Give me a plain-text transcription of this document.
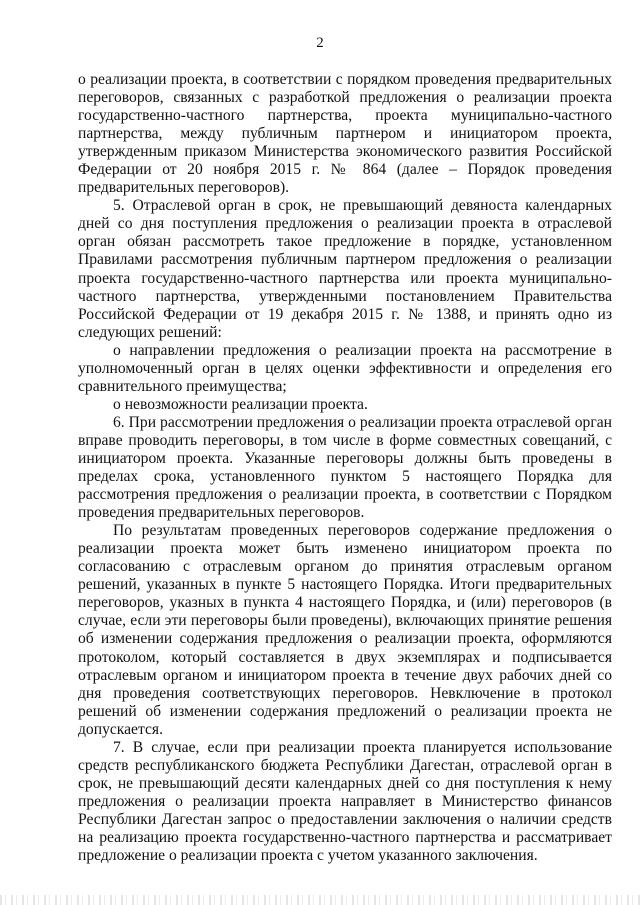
2

о реализации проекта, в соответствии с порядком проведения предварительных переговоров, связанных с разработкой предложения о реализации проекта государственно-частного партнерства, проекта муниципально-частного партнерства, между публичным партнером и инициатором проекта, утвержденным приказом Министерства экономического развития Российской Федерации от 20 ноября 2015 г. № 864 (далее – Порядок проведения предварительных переговоров).

5. Отраслевой орган в срок, не превышающий девяноста календарных дней со дня поступления предложения о реализации проекта в отраслевой орган обязан рассмотреть такое предложение в порядке, установленном Правилами рассмотрения публичным партнером предложения о реализации проекта государственно-частного партнерства или проекта муниципально-частного партнерства, утвержденными постановлением Правительства Российской Федерации от 19 декабря 2015 г. № 1388, и принять одно из следующих решений:

о направлении предложения о реализации проекта на рассмотрение в уполномоченный орган в целях оценки эффективности и определения его сравнительного преимущества;

о невозможности реализации проекта.

6. При рассмотрении предложения о реализации проекта отраслевой орган вправе проводить переговоры, в том числе в форме совместных совещаний, с инициатором проекта. Указанные переговоры должны быть проведены в пределах срока, установленного пунктом 5 настоящего Порядка для рассмотрения предложения о реализации проекта, в соответствии с Порядком проведения предварительных переговоров.

По результатам проведенных переговоров содержание предложения о реализации проекта может быть изменено инициатором проекта по согласованию с отраслевым органом до принятия отраслевым органом решений, указанных в пункте 5 настоящего Порядка. Итоги предварительных переговоров, указных в пункта 4 настоящего Порядка, и (или) переговоров (в случае, если эти переговоры были проведены), включающих принятие решения об изменении содержания предложения о реализации проекта, оформляются протоколом, который составляется в двух экземплярах и подписывается отраслевым органом и инициатором проекта в течение двух рабочих дней со дня проведения соответствующих переговоров. Невключение в протокол решений об изменении содержания предложений о реализации проекта не допускается.

7. В случае, если при реализации проекта планируется использование средств республиканского бюджета Республики Дагестан, отраслевой орган в срок, не превышающий десяти календарных дней со дня поступления к нему предложения о реализации проекта направляет в Министерство финансов Республики Дагестан запрос о предоставлении заключения о наличии средств на реализацию проекта государственно-частного партнерства и рассматривает предложение о реализации проекта с учетом указанного заключения.
